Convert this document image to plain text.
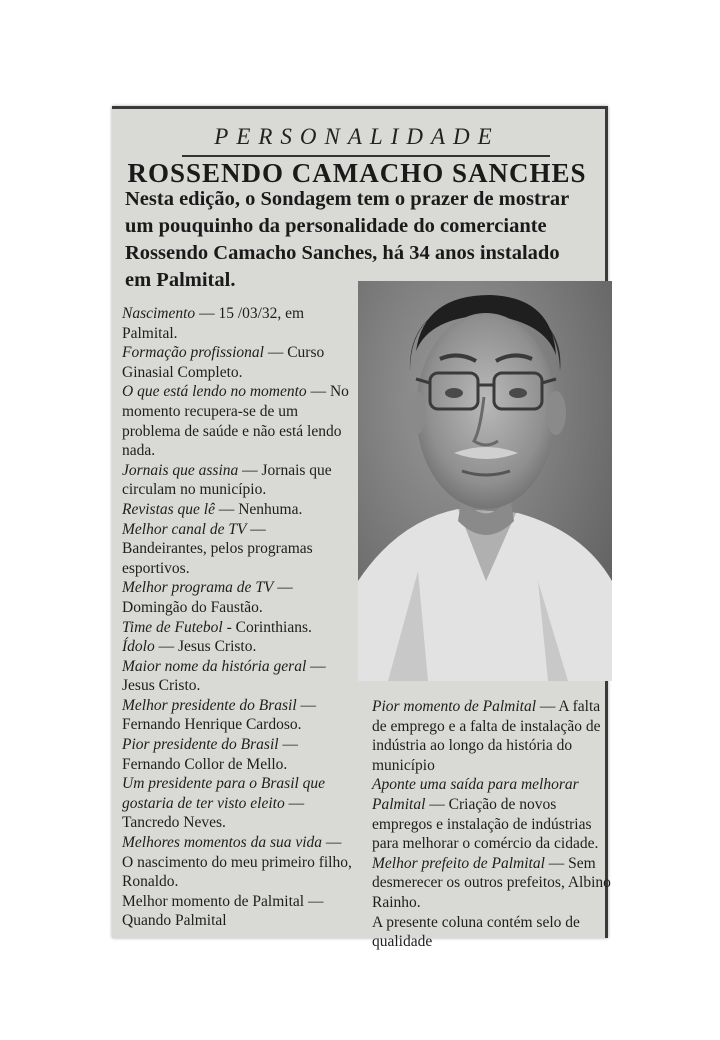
PERSONALIDADE
ROSSENDO CAMACHO SANCHES
Nesta edição, o Sondagem tem o prazer de mostrar
um pouquinho da personalidade do comerciante
Rossendo Camacho Sanches, há 34 anos instalado
em Palmital.

Nascimento — 15 /03/32, em Palmital.

Formação profissional — Curso Ginasial Completo.

O que está lendo no momento — No momento recupera-se de um problema de saúde e não está lendo nada.

Jornais que assina — Jornais que circulam no município.

Revistas que lê — Nenhuma.

Melhor canal de TV — Bandeirantes, pelos programas esportivos.

Melhor programa de TV — Domingão do Faustão.

Time de Futebol - Corinthians.

Ídolo — Jesus Cristo.

Maior nome da história geral — Jesus Cristo.

Melhor presidente do Brasil — Fernando Henrique Cardoso.

Pior presidente do Brasil — Fernando Collor de Mello.

Um presidente para o Brasil que gostaria de ter visto eleito — Tancredo Neves.

Melhores momentos da sua vida — O nascimento do meu primeiro filho, Ronaldo.

Melhor momento de Palmital — Quando Palmital

Pior momento de Palmital — A falta de emprego e a falta de instalação de indústria ao longo da história do município

Aponte uma saída para melhorar Palmital — Criação de novos empregos e instalação de indústrias para melhorar o comércio da cidade.

Melhor prefeito de Palmital — Sem desmerecer os outros prefeitos, Albino Rainho.

A presente coluna contém selo de qualidade
